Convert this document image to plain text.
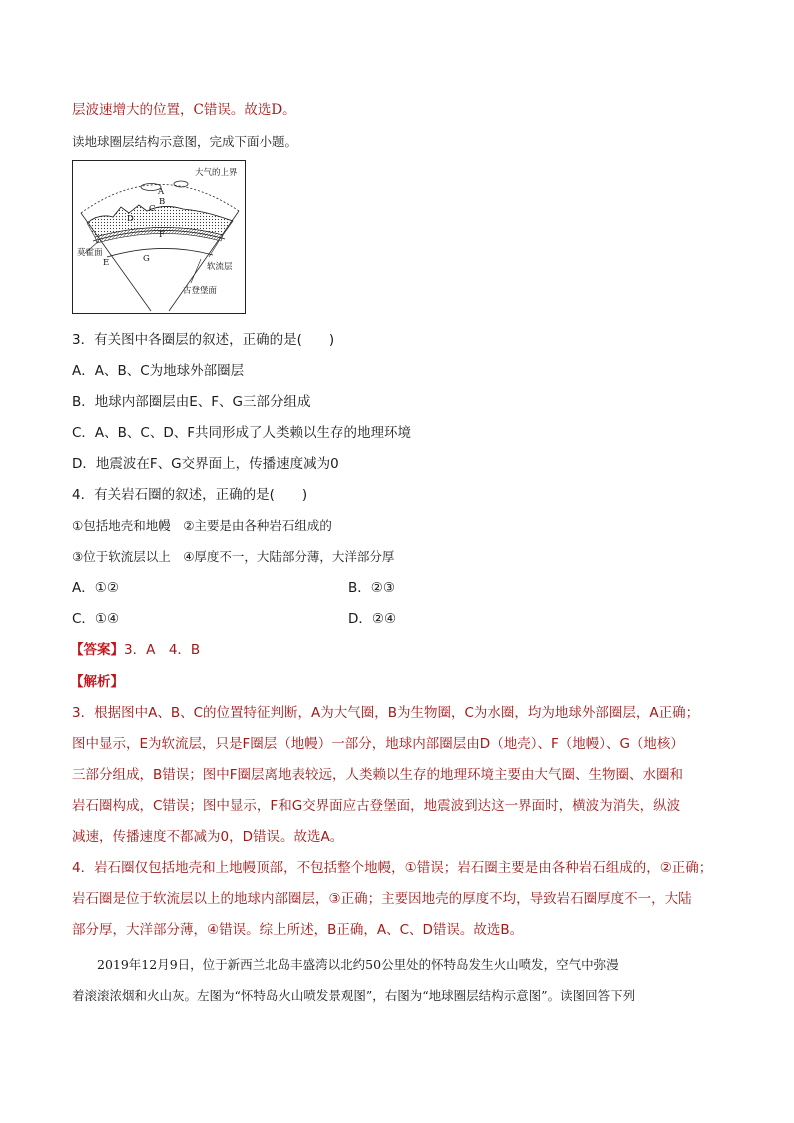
层波速增大的位置，C错误。故选D。
读地球圈层结构示意图，完成下面小题。
大气的上界
A
B
C
D
F
G
E
莫霍面
软流层
古登堡面
3．有关图中各圈层的叙述，正确的是(　　)
A．A、B、C为地球外部圈层
B．地球内部圈层由E、F、G三部分组成
C．A、B、C、D、F共同形成了人类赖以生存的地理环境
D．地震波在F、G交界面上，传播速度减为0
4．有关岩石圈的叙述，正确的是(　　)
①包括地壳和地幔　②主要是由各种岩石组成的
③位于软流层以上　④厚度不一，大陆部分薄，大洋部分厚
A．①②	B．②③
C．①④	D．②④
【答案】3．A　4．B
【解析】
3．根据图中A、B、C的位置特征判断，A为大气圈，B为生物圈，C为水圈，均为地球外部圈层，A正确；
图中显示，E为软流层，只是F圈层（地幔）一部分，地球内部圈层由D（地壳）、F（地幔）、G（地核）
三部分组成，B错误；图中F圈层离地表较远，人类赖以生存的地理环境主要由大气圈、生物圈、水圈和
岩石圈构成，C错误；图中显示，F和G交界面应古登堡面，地震波到达这一界面时，横波为消失，纵波
减速，传播速度不都减为0，D错误。故选A。
4．岩石圈仅包括地壳和上地幔顶部，不包括整个地幔，①错误；岩石圈主要是由各种岩石组成的，②正确；
岩石圈是位于软流层以上的地球内部圈层，③正确；主要因地壳的厚度不均，导致岩石圈厚度不一，大陆
部分厚，大洋部分薄，④错误。综上所述，B正确，A、C、D错误。故选B。
　　2019年12月9日，位于新西兰北岛丰盛湾以北约50公里处的怀特岛发生火山喷发，空气中弥漫
着滚滚浓烟和火山灰。左图为“怀特岛火山喷发景观图”，右图为“地球圈层结构示意图”。读图回答下列
